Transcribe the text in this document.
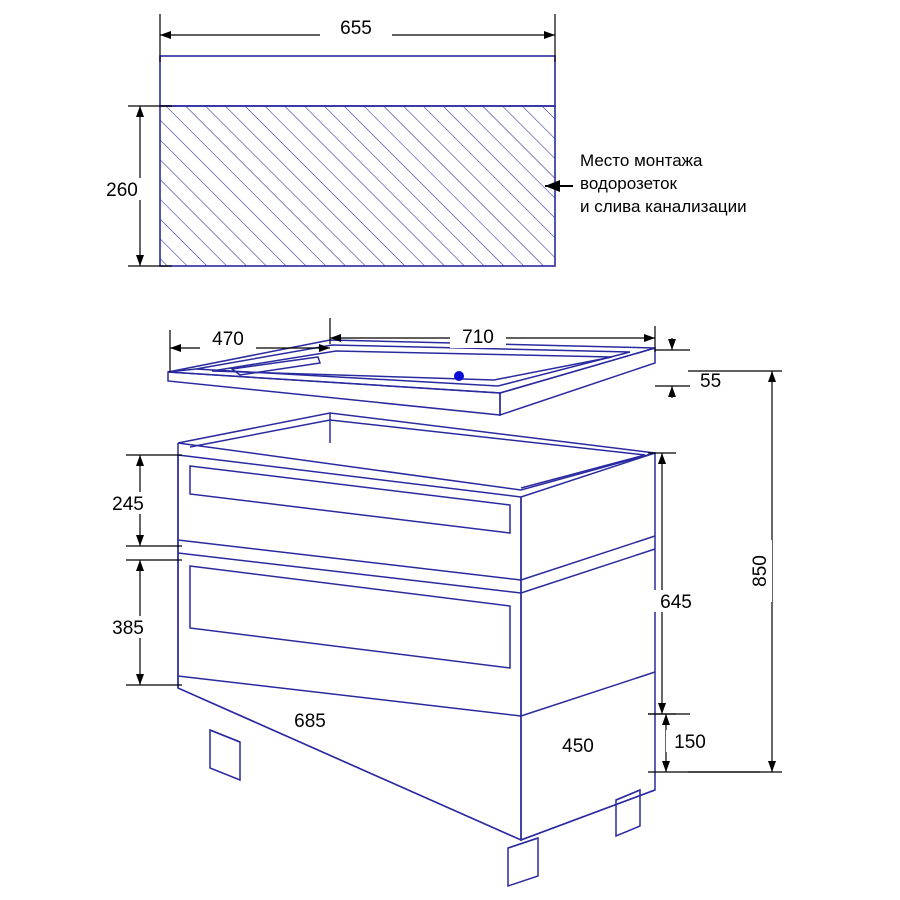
655
260
Место монтажа
водорозеток
и слива канализации
470	710
55
245
385
685
450
645
150
850
